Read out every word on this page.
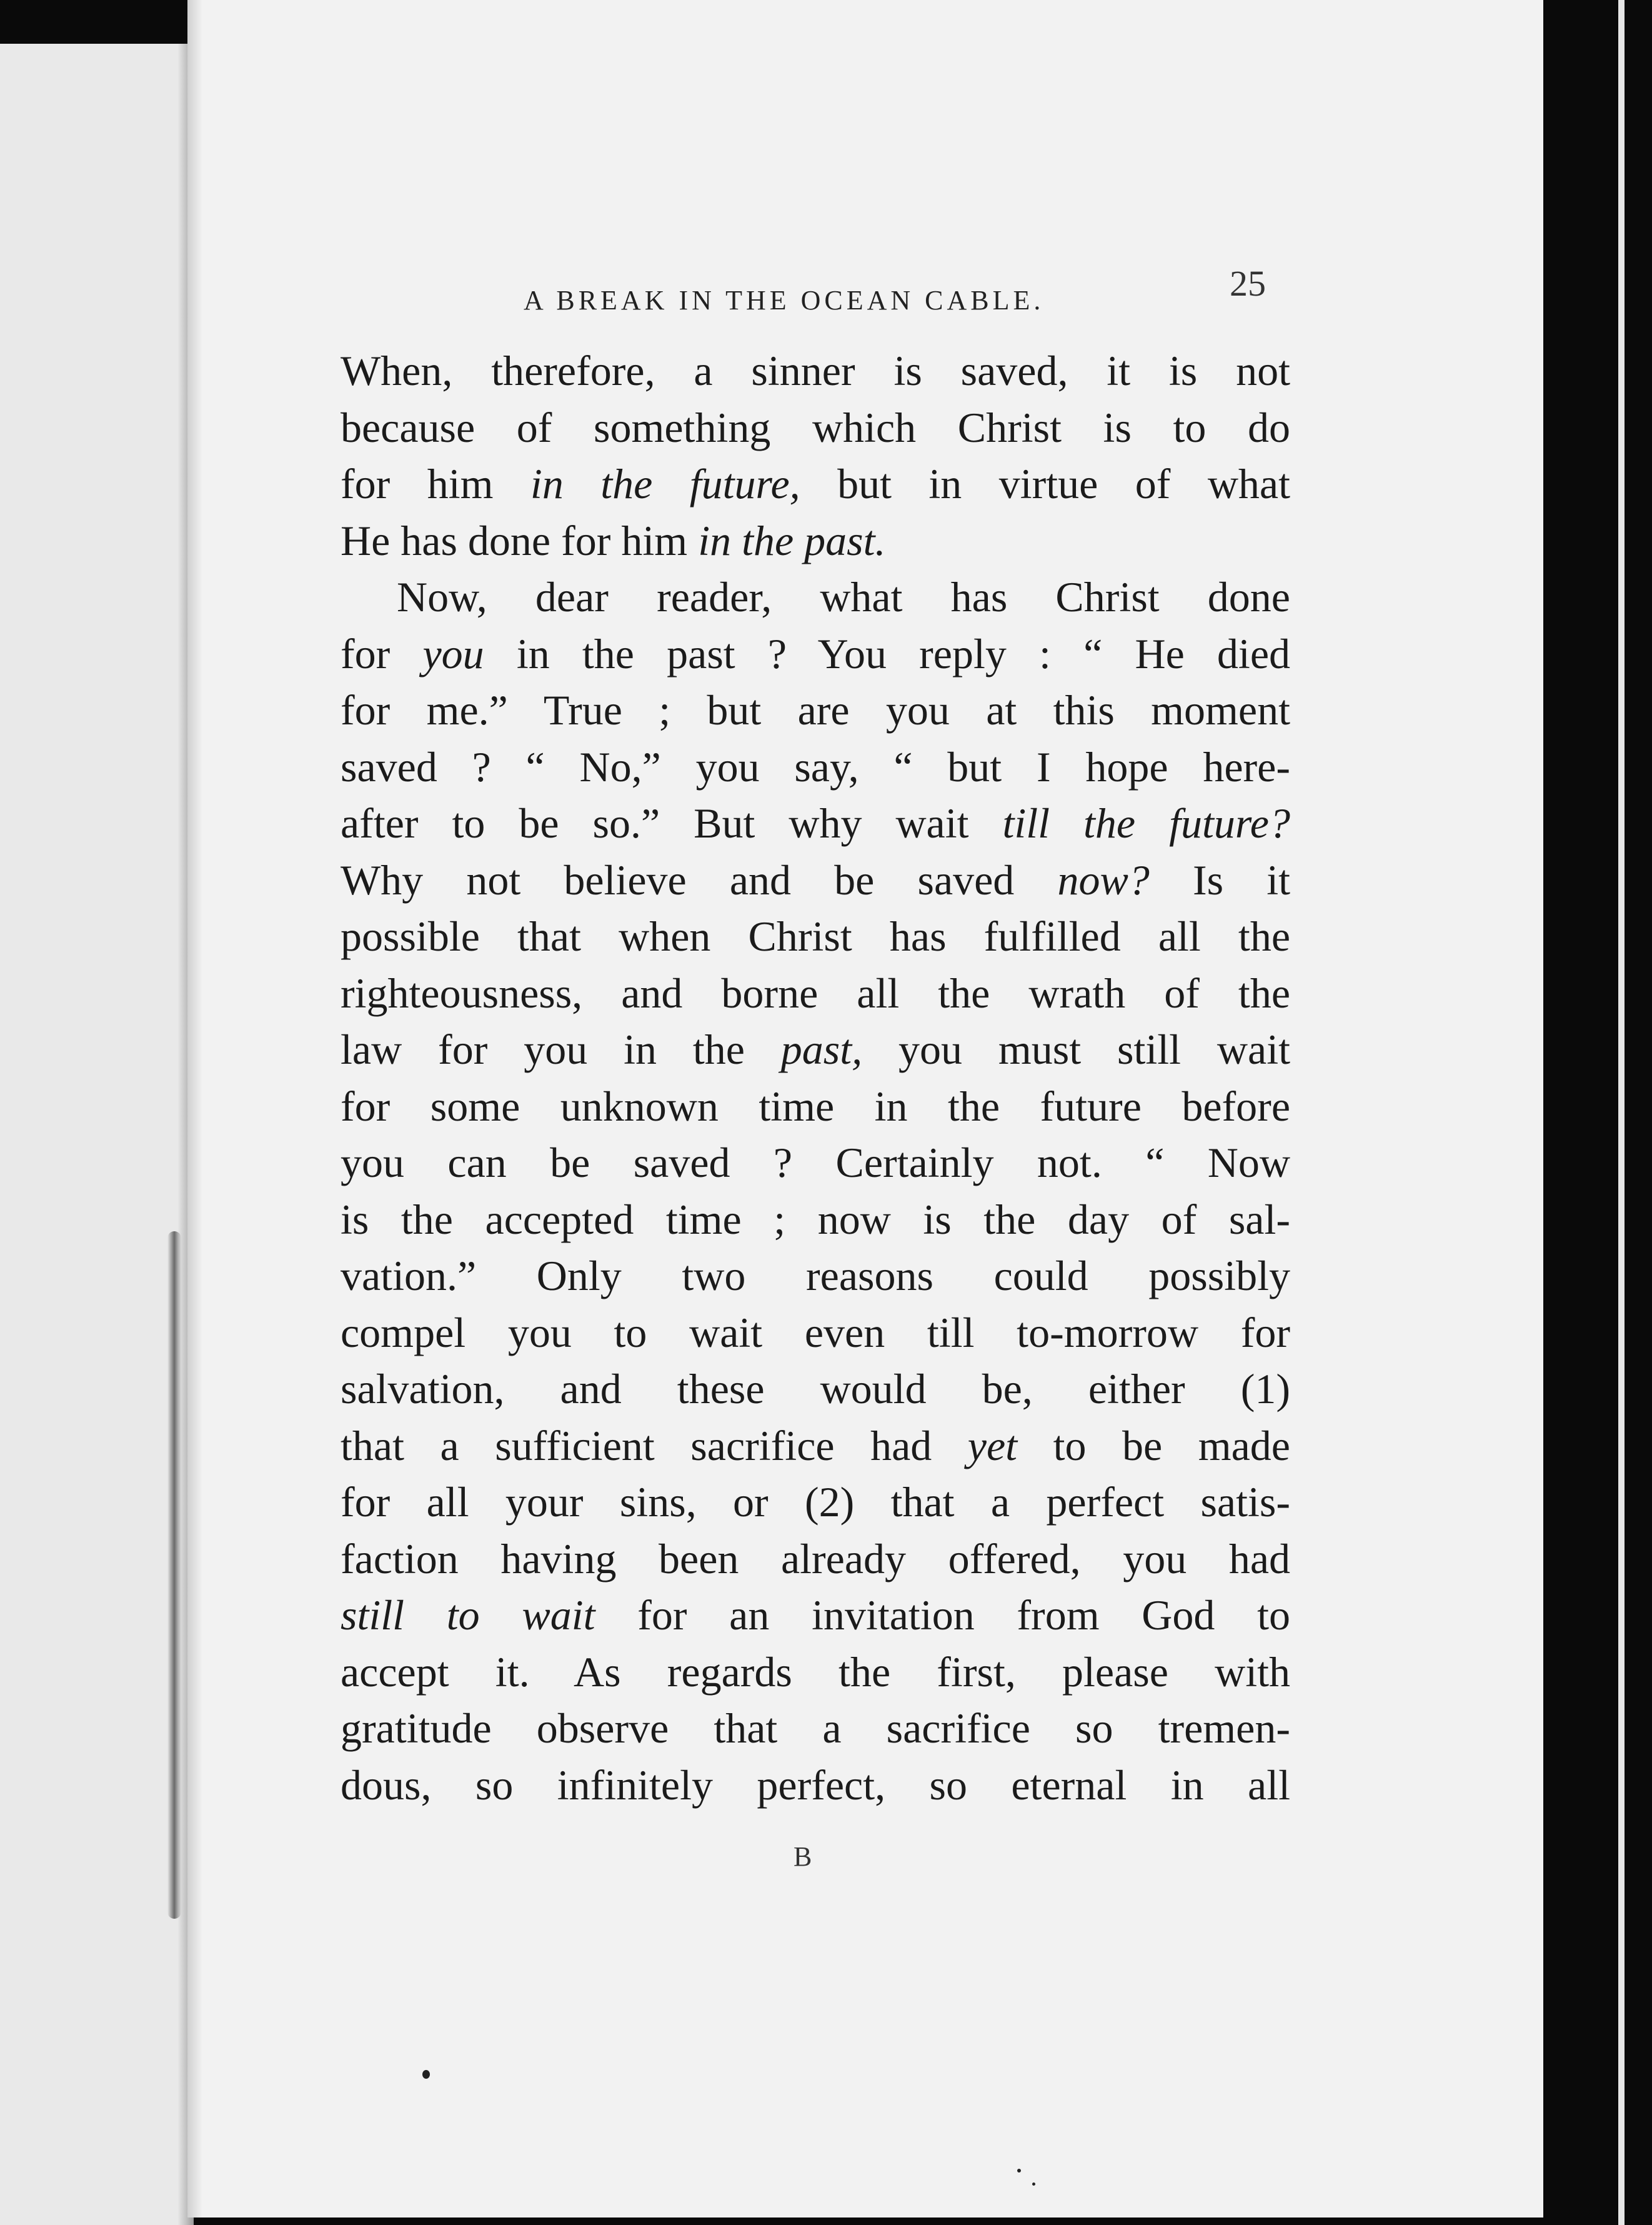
A BREAK IN THE OCEAN CABLE.	25
When, therefore, a sinner is saved, it is not
because of something which Christ is to do
for him in the future, but in virtue of what
He has done for him in the past.
Now, dear reader, what has Christ done
for you in the past ? You reply : “ He died
for me.” True ; but are you at this moment
saved ? “ No,” you say, “ but I hope here-
after to be so.” But why wait till the future?
Why not believe and be saved now? Is it
possible that when Christ has fulfilled all the
righteousness, and borne all the wrath of the
law for you in the past, you must still wait
for some unknown time in the future before
you can be saved ? Certainly not. “ Now
is the accepted time ; now is the day of sal-
vation.” Only two reasons could possibly
compel you to wait even till to-morrow for
salvation, and these would be, either (1)
that a sufficient sacrifice had yet to be made
for all your sins, or (2) that a perfect satis-
faction having been already offered, you had
still to wait for an invitation from God to
accept it. As regards the first, please with
gratitude observe that a sacrifice so tremen-
dous, so infinitely perfect, so eternal in all
B
